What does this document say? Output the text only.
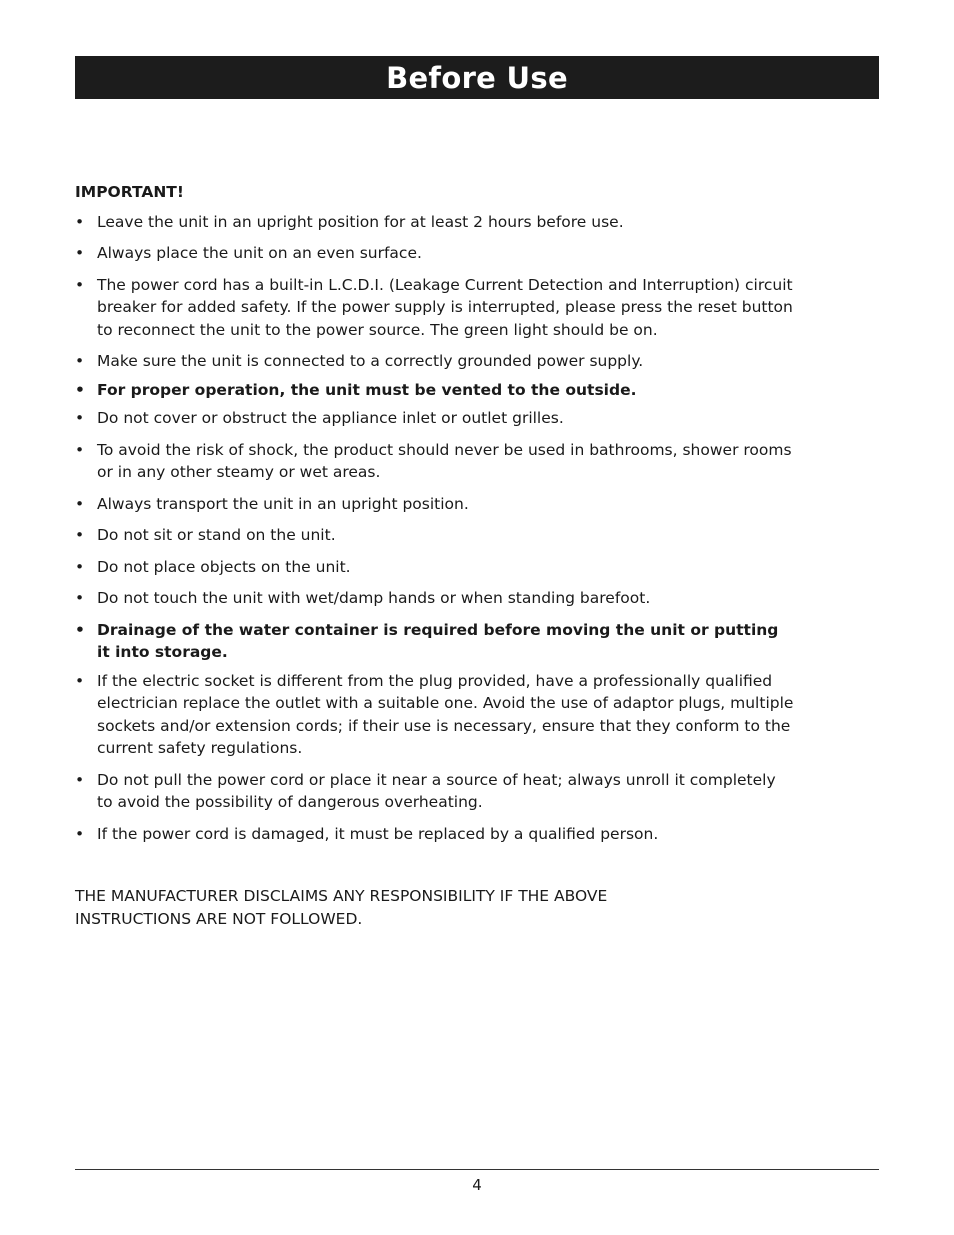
Before Use
IMPORTANT!
• Leave the unit in an upright position for at least 2 hours before use.
• Always place the unit on an even surface.
• The power cord has a built-in L.C.D.I. (Leakage Current Detection and Interruption) circuit breaker for added safety. If the power supply is interrupted, please press the reset button to reconnect the unit to the power source. The green light should be on.
• Make sure the unit is connected to a correctly grounded power supply.
• For proper operation, the unit must be vented to the outside.
• Do not cover or obstruct the appliance inlet or outlet grilles.
• To avoid the risk of shock, the product should never be used in bathrooms, shower rooms or in any other steamy or wet areas.
• Always transport the unit in an upright position.
• Do not sit or stand on the unit.
• Do not place objects on the unit.
• Do not touch the unit with wet/damp hands or when standing barefoot.
• Drainage of the water container is required before moving the unit or putting it into storage.
• If the electric socket is different from the plug provided, have a professionally qualified electrician replace the outlet with a suitable one. Avoid the use of adaptor plugs, multiple sockets and/or extension cords; if their use is necessary, ensure that they conform to the current safety regulations.
• Do not pull the power cord or place it near a source of heat; always unroll it completely to avoid the possibility of dangerous overheating.
• If the power cord is damaged, it must be replaced by a qualified person.
THE MANUFACTURER DISCLAIMS ANY RESPONSIBILITY IF THE ABOVE INSTRUCTIONS ARE NOT FOLLOWED.
4
